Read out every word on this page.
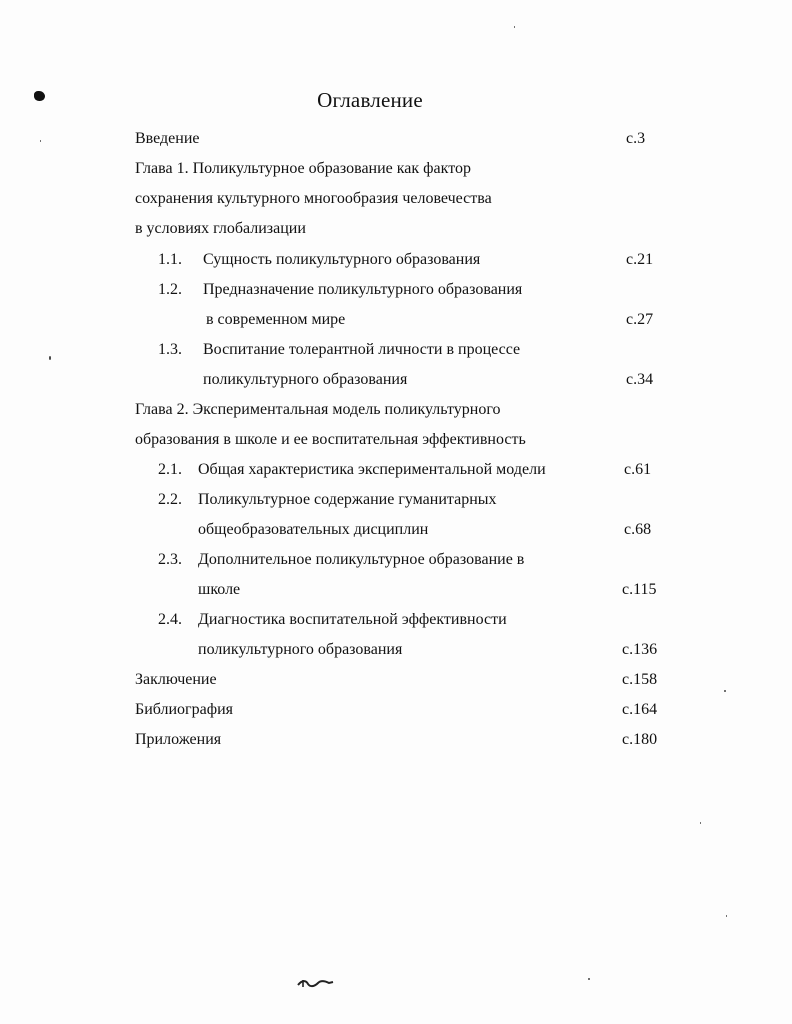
Оглавление
Введение	с.3
Глава 1. Поликультурное образование как фактор
сохранения культурного многообразия человечества
в условиях глобализации
1.1. Сущность поликультурного образования	с.21
1.2. Предназначение поликультурного образования
в современном мире	с.27
1.3. Воспитание толерантной личности в процессе
поликультурного образования	с.34
Глава 2. Экспериментальная модель поликультурного
образования в школе и ее воспитательная эффективность
2.1. Общая характеристика экспериментальной модели	с.61
2.2. Поликультурное содержание гуманитарных
общеобразовательных дисциплин	с.68
2.3. Дополнительное поликультурное образование в
школе	с.115
2.4. Диагностика воспитательной эффективности
поликультурного образования	с.136
Заключение	с.158
Библиография	с.164
Приложения	с.180
